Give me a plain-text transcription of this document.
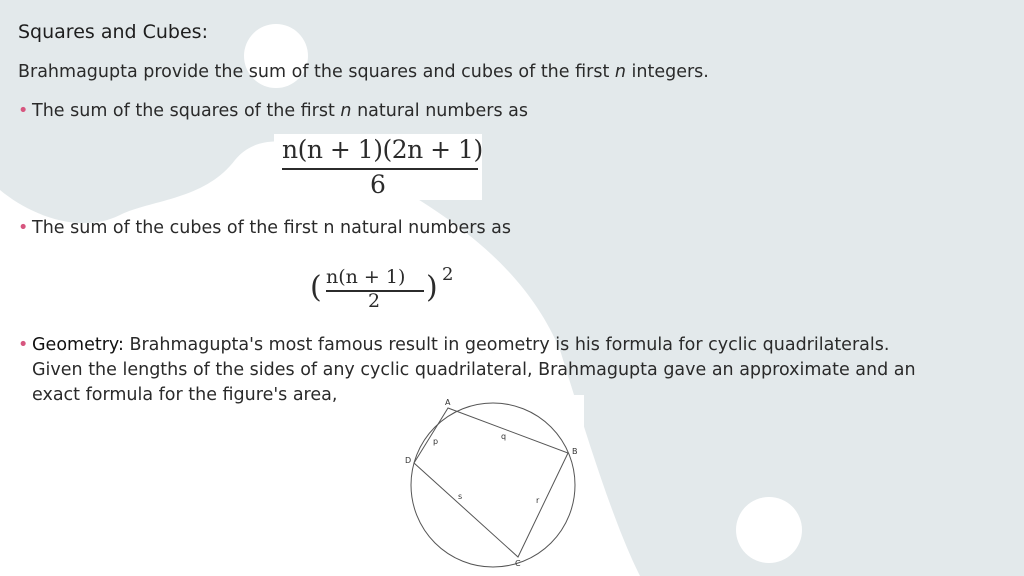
Squares and Cubes:
Brahmagupta provide the sum of the squares and cubes of the first n integers.
• The sum of the squares of the first n natural numbers as
n(n + 1)(2n + 1)
6
• The sum of the cubes of the first n natural numbers as
( n(n + 1)
2 ) 2
• Geometry: Brahmagupta's most famous result in geometry is his formula for cyclic quadrilaterals.
Given the lengths of the sides of any cyclic quadrilateral, Brahmagupta gave an approximate and an
exact formula for the figure's area,	A
B
C
D
p
q
r
s
